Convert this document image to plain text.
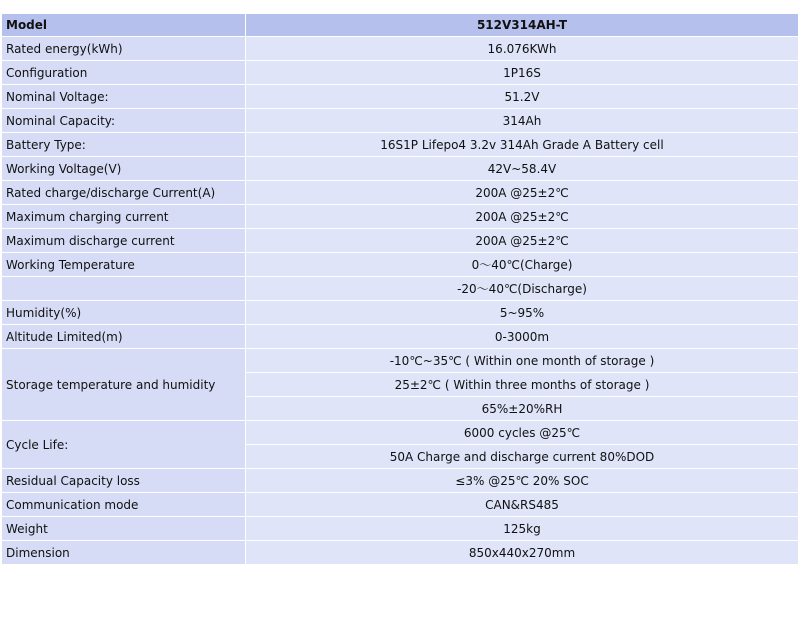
Model	512V314AH-T
Rated energy(kWh)	16.076KWh
Configuration	1P16S
Nominal Voltage:	51.2V
Nominal Capacity:	314Ah
Battery Type:	16S1P Lifepo4 3.2v 314Ah Grade A Battery cell
Working Voltage(V)	42V~58.4V
Rated charge/discharge Current(A)	200A @25±2℃
Maximum charging current	200A @25±2℃
Maximum discharge current	200A @25±2℃
Working Temperature	0～40℃(Charge)
	-20～40℃(Discharge)
Humidity(%)	5~95%
Altitude Limited(m)	0-3000m
Storage temperature and humidity	-10℃~35℃ ( Within one month of storage )
	25±2℃ ( Within three months of storage )
	65%±20%RH
Cycle Life:	6000 cycles @25℃
	50A Charge and discharge current 80%DOD
Residual Capacity loss	≤3% @25℃ 20% SOC
Communication mode	CAN&RS485
Weight	125kg
Dimension	850x440x270mm
